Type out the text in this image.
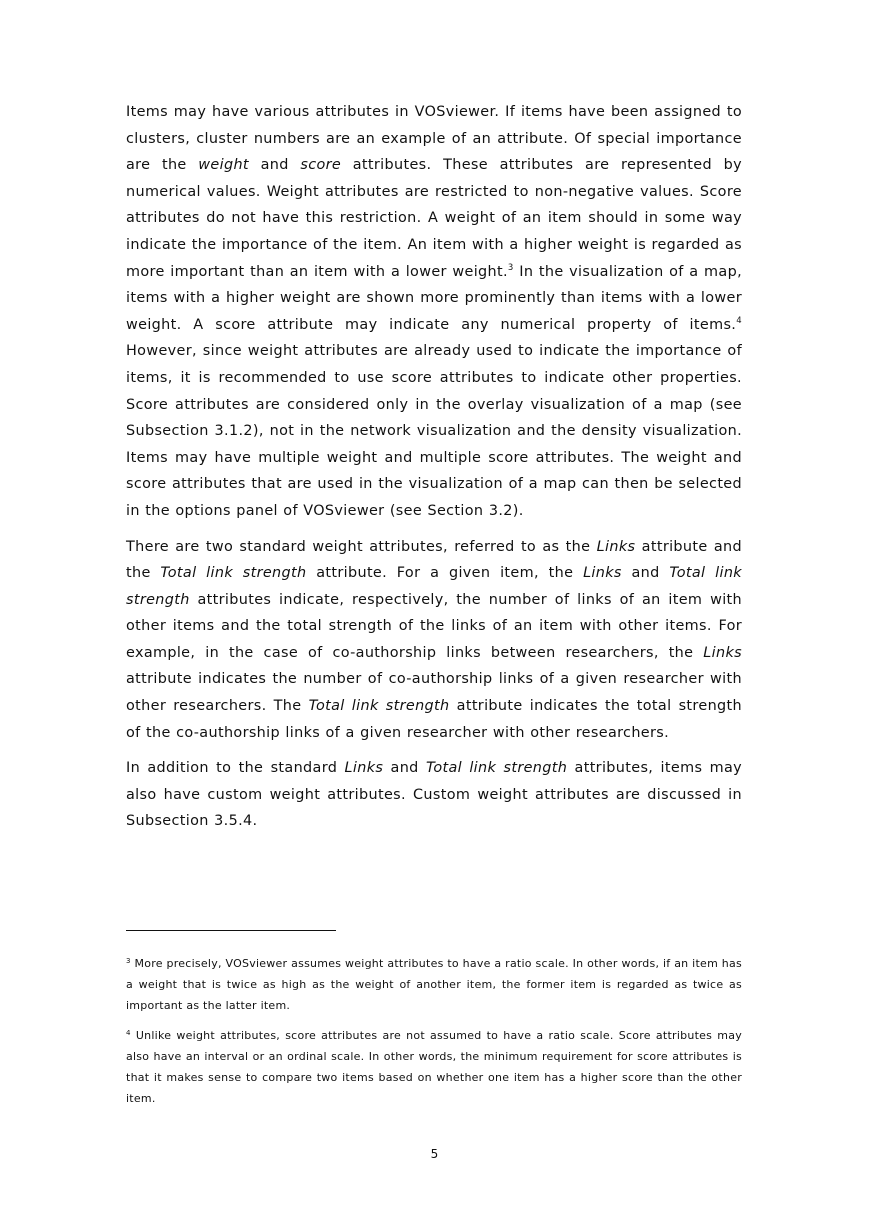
Items may have various attributes in VOSviewer. If items have been assigned to clusters, cluster numbers are an example of an attribute. Of special importance are the weight and score attributes. These attributes are represented by numerical values. Weight attributes are restricted to non-negative values. Score attributes do not have this restriction. A weight of an item should in some way indicate the importance of the item. An item with a higher weight is regarded as more important than an item with a lower weight.$^3$ In the visualization of a map, items with a higher weight are shown more prominently than items with a lower weight. A score attribute may indicate any numerical property of items.$^4$ However, since weight attributes are already used to indicate the importance of items, it is recommended to use score attributes to indicate other properties. Score attributes are considered only in the overlay visualization of a map (see Subsection 3.1.2), not in the network visualization and the density visualization. Items may have multiple weight and multiple score attributes. The weight and score attributes that are used in the visualization of a map can then be selected in the options panel of VOSviewer (see Section 3.2).

There are two standard weight attributes, referred to as the Links attribute and the Total link strength attribute. For a given item, the Links and Total link strength attributes indicate, respectively, the number of links of an item with other items and the total strength of the links of an item with other items. For example, in the case of co-authorship links between researchers, the Links attribute indicates the number of co-authorship links of a given researcher with other researchers. The Total link strength attribute indicates the total strength of the co-authorship links of a given researcher with other researchers.

In addition to the standard Links and Total link strength attributes, items may also have custom weight attributes. Custom weight attributes are discussed in Subsection 3.5.4.

$^3$ More precisely, VOSviewer assumes weight attributes to have a ratio scale. In other words, if an item has a weight that is twice as high as the weight of another item, the former item is regarded as twice as important as the latter item.

$^4$ Unlike weight attributes, score attributes are not assumed to have a ratio scale. Score attributes may also have an interval or an ordinal scale. In other words, the minimum requirement for score attributes is that it makes sense to compare two items based on whether one item has a higher score than the other item.

5
